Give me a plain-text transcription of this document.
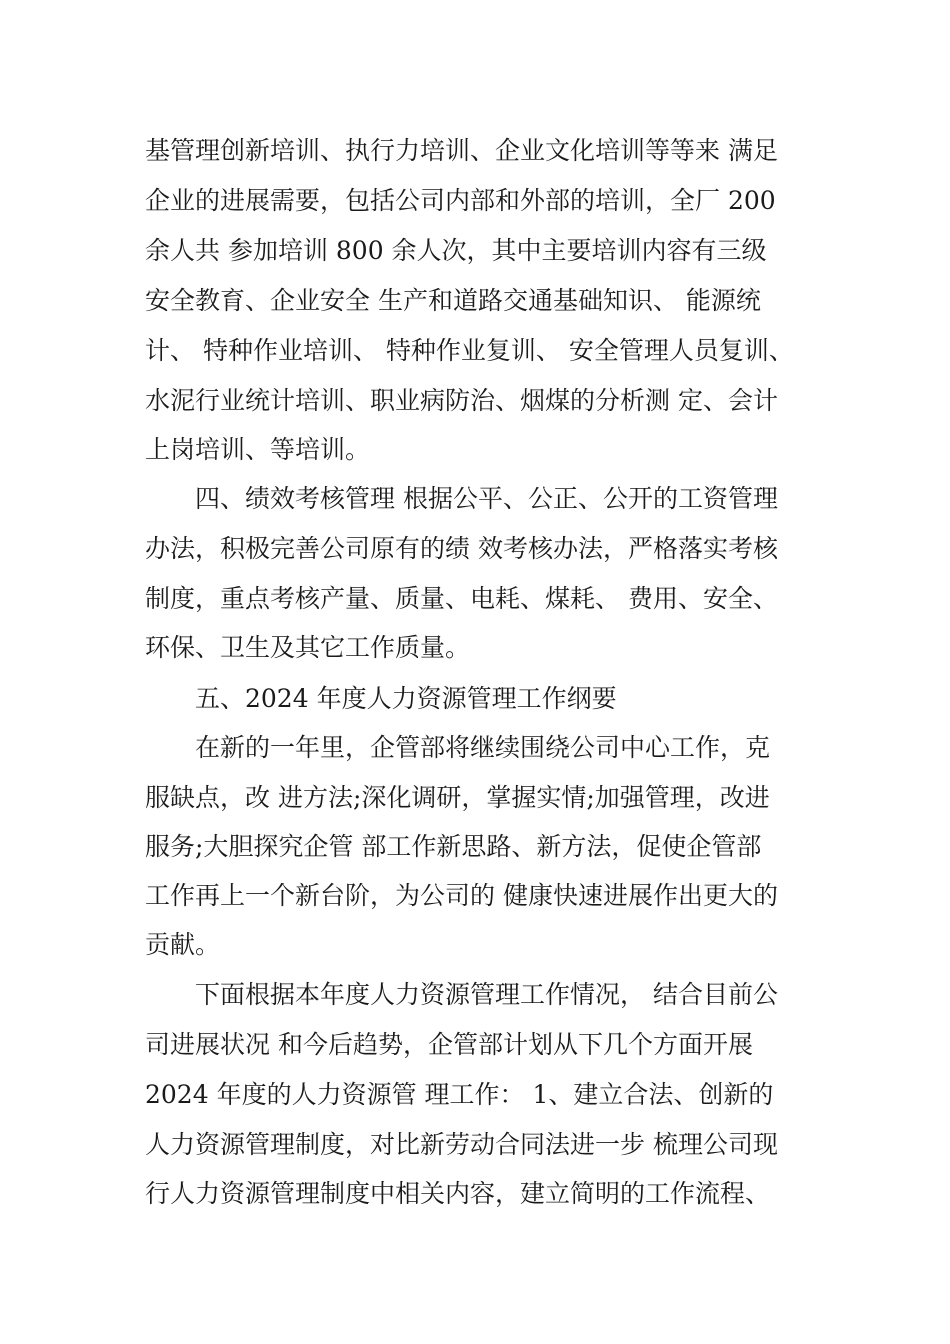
基管理创新培训、执行力培训、企业文化培训等等来 满足

企业的进展需要，包括公司内部和外部的培训，全厂 200

余人共 参加培训 800 余人次，其中主要培训内容有三级

安全教育、企业安全 生产和道路交通基础知识、 能源统

计、 特种作业培训、 特种作业复训、 安全管理人员复训、

水泥行业统计培训、职业病防治、烟煤的分析测 定、会计

上岗培训、等培训。

　　四、绩效考核管理 根据公平、公正、公开的工资管理

办法，积极完善公司原有的绩 效考核办法，严格落实考核

制度，重点考核产量、质量、电耗、煤耗、 费用、安全、

环保、卫生及其它工作质量。

　　五、2024 年度人力资源管理工作纲要

　　在新的一年里，企管部将继续围绕公司中心工作，克

服缺点，改 进方法;深化调研，掌握实情;加强管理，改进

服务;大胆探究企管 部工作新思路、新方法，促使企管部

工作再上一个新台阶，为公司的 健康快速进展作出更大的

贡献。

　　下面根据本年度人力资源管理工作情况， 结合目前公

司进展状况 和今后趋势，企管部计划从下几个方面开展

2024 年度的人力资源管 理工作： 1、建立合法、创新的

人力资源管理制度，对比新劳动合同法进一步 梳理公司现

行人力资源管理制度中相关内容，建立简明的工作流程、
